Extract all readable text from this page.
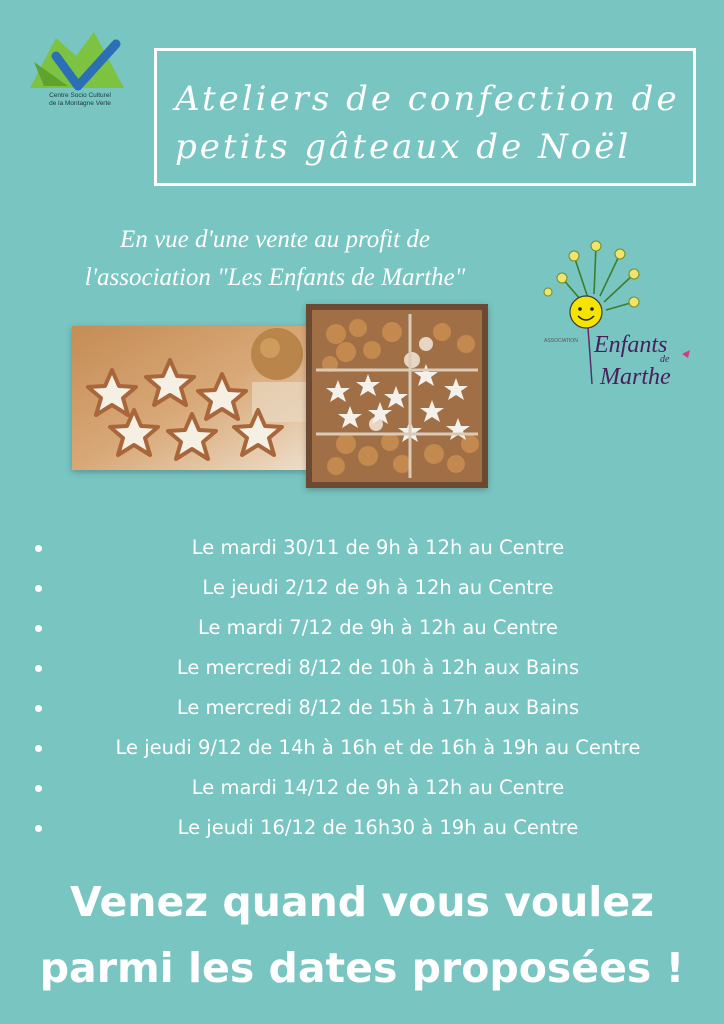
Centre Socio Culturel
de la Montagne Verte	Ateliers de confection de
petits gâteaux de Noël
En vue d'une vente au profit de
l'association "Les Enfants de Marthe"
ASSOCIATION Enfants
de
Marthe
Le mardi 30/11 de 9h à 12h au Centre
Le jeudi 2/12 de 9h à 12h au Centre
Le mardi 7/12 de 9h à 12h au Centre
Le mercredi 8/12 de 10h à 12h aux Bains
Le mercredi 8/12 de 15h à 17h aux Bains
Le jeudi 9/12 de 14h à 16h et de 16h à 19h au Centre
Le mardi 14/12 de 9h à 12h au Centre
Le jeudi 16/12 de 16h30 à 19h au Centre
Venez quand vous voulez
parmi les dates proposées !
